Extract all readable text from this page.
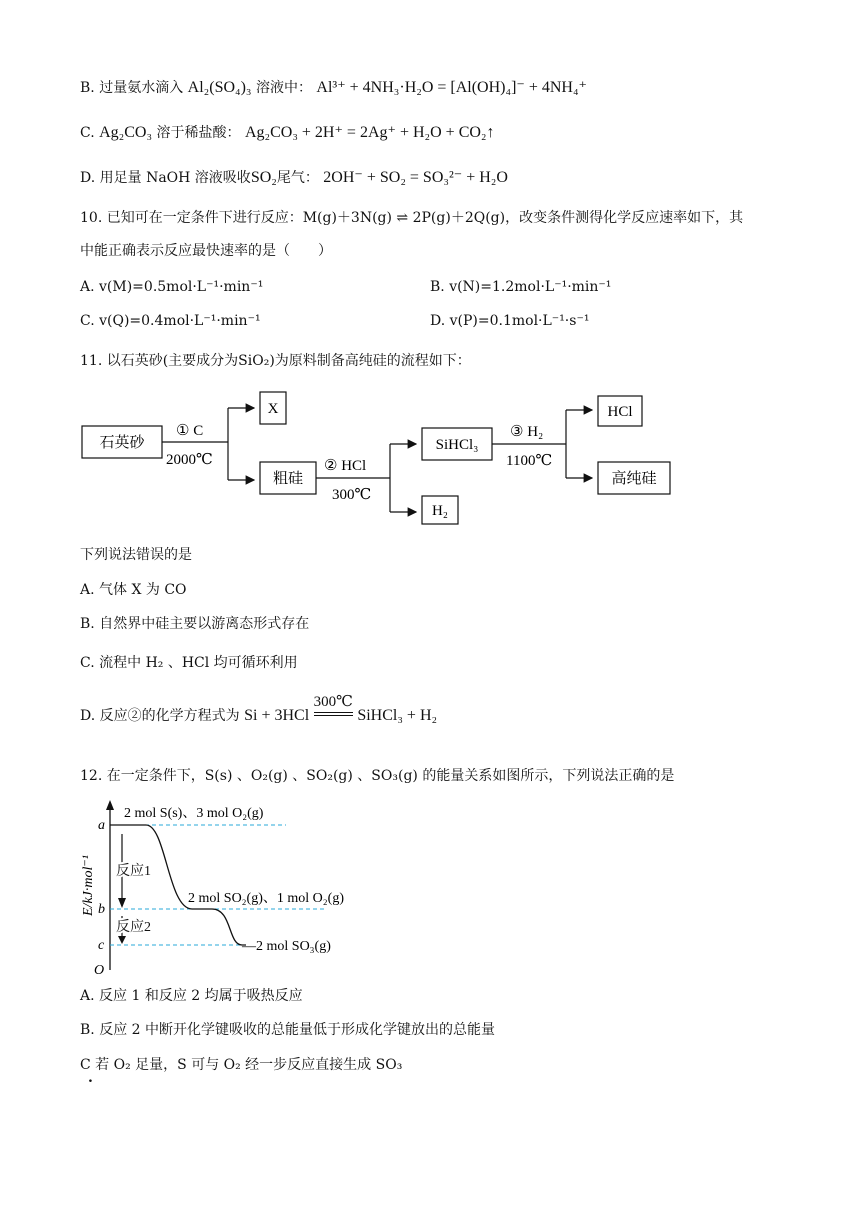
B. 过量氨水滴入 Al₂(SO₄)₃ 溶液中： Al³⁺ + 4NH₃·H₂O = [Al(OH)₄]⁻ + 4NH₄⁺
C. Ag₂CO₃ 溶于稀盐酸： Ag₂CO₃ + 2H⁺ = 2Ag⁺ + H₂O + CO₂↑
D. 用足量 NaOH 溶液吸收SO₂尾气： 2OH⁻ + SO₂ = SO₃²⁻ + H₂O
10. 已知可在一定条件下进行反应：M(g)＋3N(g) ⇌ 2P(g)＋2Q(g)，改变条件测得化学反应速率如下，其
中能正确表示反应最快速率的是（　　）
A. v(M)=0.5mol·L⁻¹·min⁻¹	B. v(N)=1.2mol·L⁻¹·min⁻¹
C. v(Q)=0.4mol·L⁻¹·min⁻¹	D. v(P)=0.1mol·L⁻¹·s⁻¹
11. 以石英砂(主要成分为SiO₂)为原料制备高纯硅的流程如下：
石英砂
① C
2000℃
X
粗硅
② HCl
300℃
SiHCl₃
H₂
③ H₂
1100℃
HCl
高纯硅
下列说法错误的是
A. 气体 X 为 CO
B. 自然界中硅主要以游离态形式存在
C. 流程中 H₂ 、HCl 均可循环利用
D. 反应②的化学方程式为 Si + 3HCl
300℃
SiHCl₃ + H₂
12. 在一定条件下，S(s) 、O₂(g) 、SO₂(g) 、SO₃(g) 的能量关系如图所示，下列说法正确的是
E/kJ·mol⁻¹
O
a
b
c
2 mol S(s)、3 mol O₂(g)
2 mol SO₂(g)、1 mol O₂(g)
—2 mol SO₃(g)
反应1
反应2
A. 反应 1 和反应 2 均属于吸热反应
B. 反应 2 中断开化学键吸收的总能量低于形成化学键放出的总能量
C 若 O₂ 足量，S 可与 O₂ 经一步反应直接生成 SO₃
.
